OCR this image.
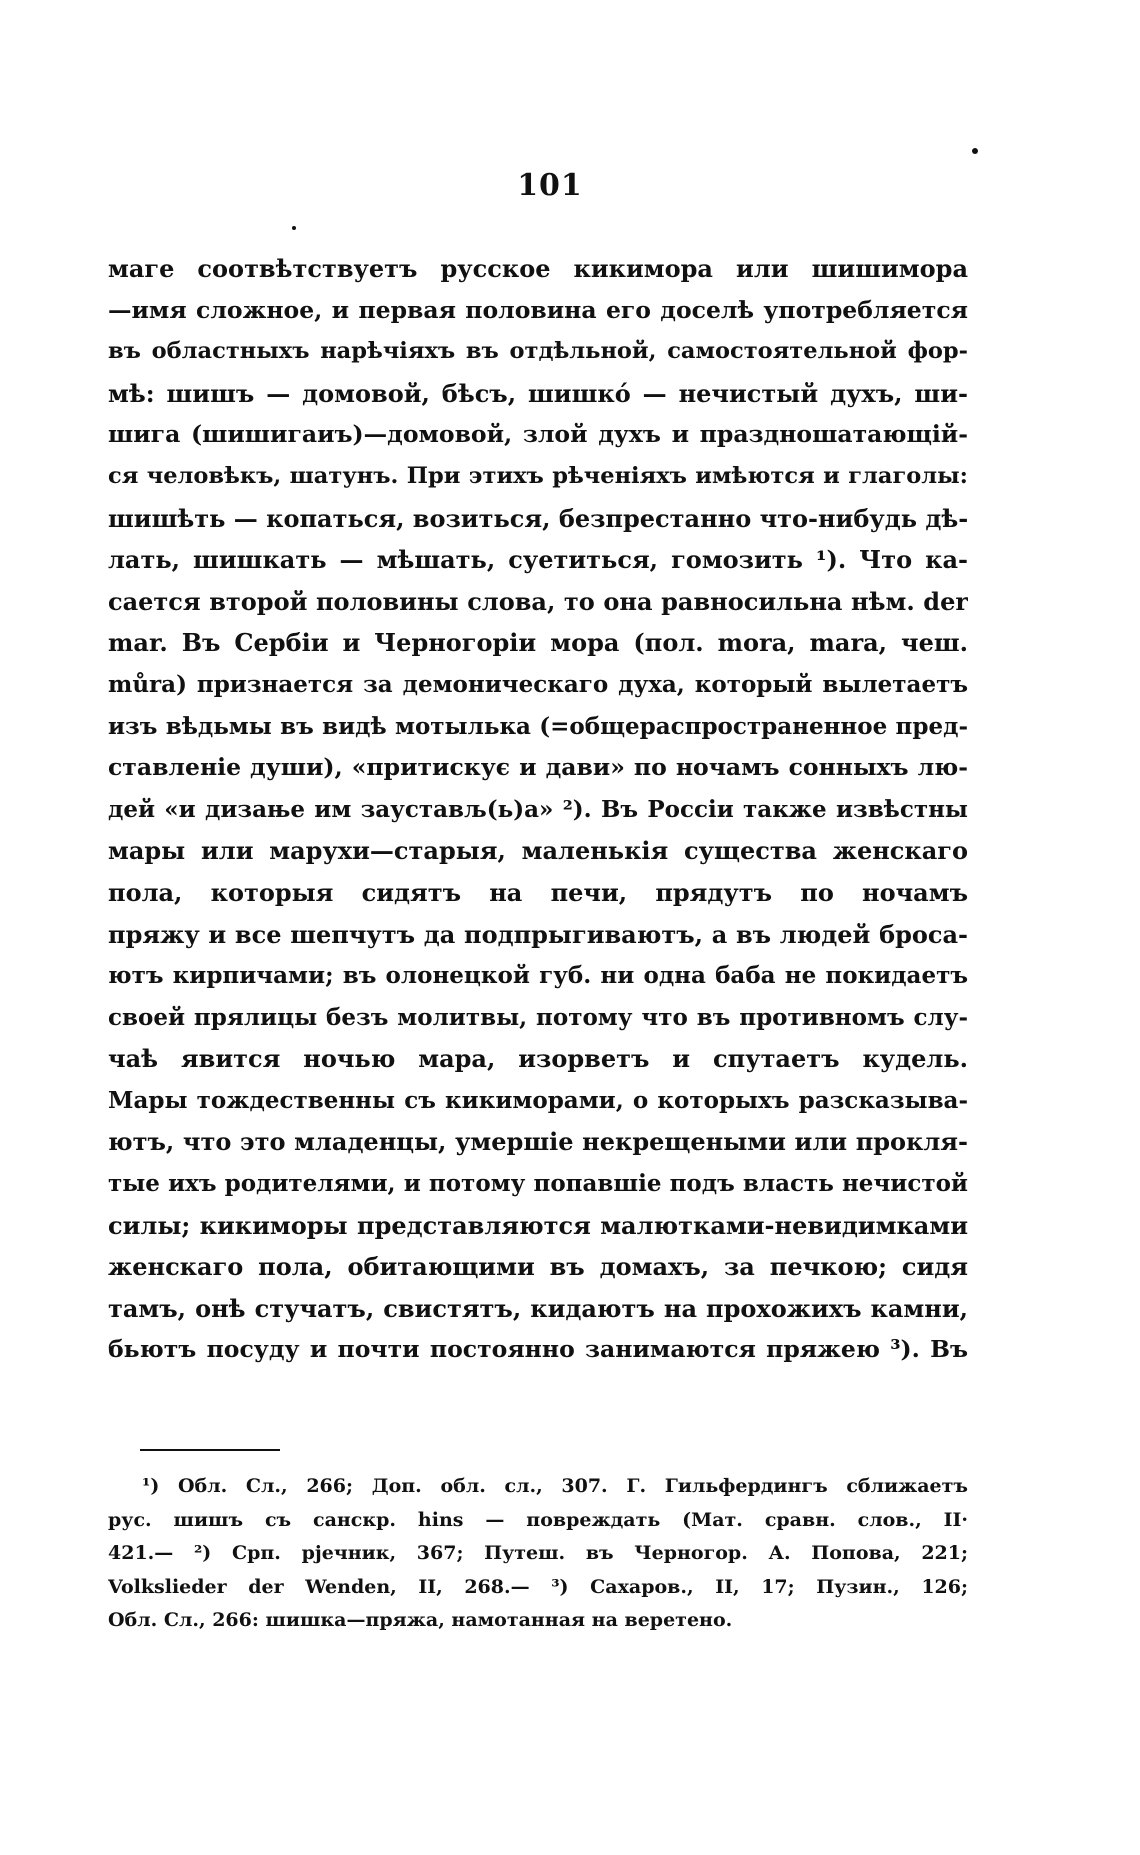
101
маге соотвѣтствуетъ русское кикимора или шишимора
—имя сложное, и первая половина его доселѣ употребляется
въ областныхъ нарѣчіяхъ въ отдѣльной, самостоятельной фор-
мѣ: шишъ — домовой, бѣсъ, шишкó — нечистый духъ, ши-
шига (шишигаиъ)—домовой, злой духъ и праздношатающій-
ся человѣкъ, шатунъ. При этихъ рѣченіяхъ имѣются и глаголы:
шишѣть — копаться, возиться, безпрестанно что-нибудь дѣ-
лать, шишкать — мѣшать, суетиться, гомозить ¹). Что ка-
сается второй половины слова, то она равносильна нѣм. der
mar. Въ Сербіи и Черногоріи мора (пол. mora, mara, чеш.
můra) признается за демоническаго духа, который вылетаетъ
изъ вѣдьмы въ видѣ мотылька (=общераспространенное пред-
ставленіе души), «притискує и дави» по ночамъ сонныхъ лю-
дей «и дизање им заустављ(ь)а» ²). Въ Россіи также извѣстны
мары или марухи—старыя, маленькія существа женскаго
пола, которыя сидятъ на печи, прядутъ по ночамъ
пряжу и все шепчутъ да подпрыгиваютъ, а въ людей броса-
ютъ кирпичами; въ олонецкой губ. ни одна баба не покидаетъ
своей прялицы безъ молитвы, потому что въ противномъ слу-
чаѣ явится ночью мара, изорветъ и спутаетъ кудель.
Мары тождественны съ кикиморами, о которыхъ разсказыва-
ютъ, что это младенцы, умершіе некрещеными или прокля-
тые ихъ родителями, и потому попавшіе подъ власть нечистой
силы; кикиморы представляются малютками-невидимками
женскаго пола, обитающими въ домахъ, за печкою; сидя
тамъ, онѣ стучатъ, свистятъ, кидаютъ на прохожихъ камни,
бьютъ посуду и почти постоянно занимаются пряжею ³). Въ
¹) Обл. Сл., 266; Доп. обл. сл., 307. Г. Гильфердингъ сближаетъ
рус. шишъ съ санскр. hins — повреждать (Мат. сравн. слов., II·
421.— ²) Срп. рјечник, 367; Путеш. въ Черногор. А. Попова, 221;
Volkslieder der Wenden, II, 268.— ³) Сахаров., II, 17; Пузин., 126;
Обл. Сл., 266: шишка—пряжа, намотанная на веретено.
